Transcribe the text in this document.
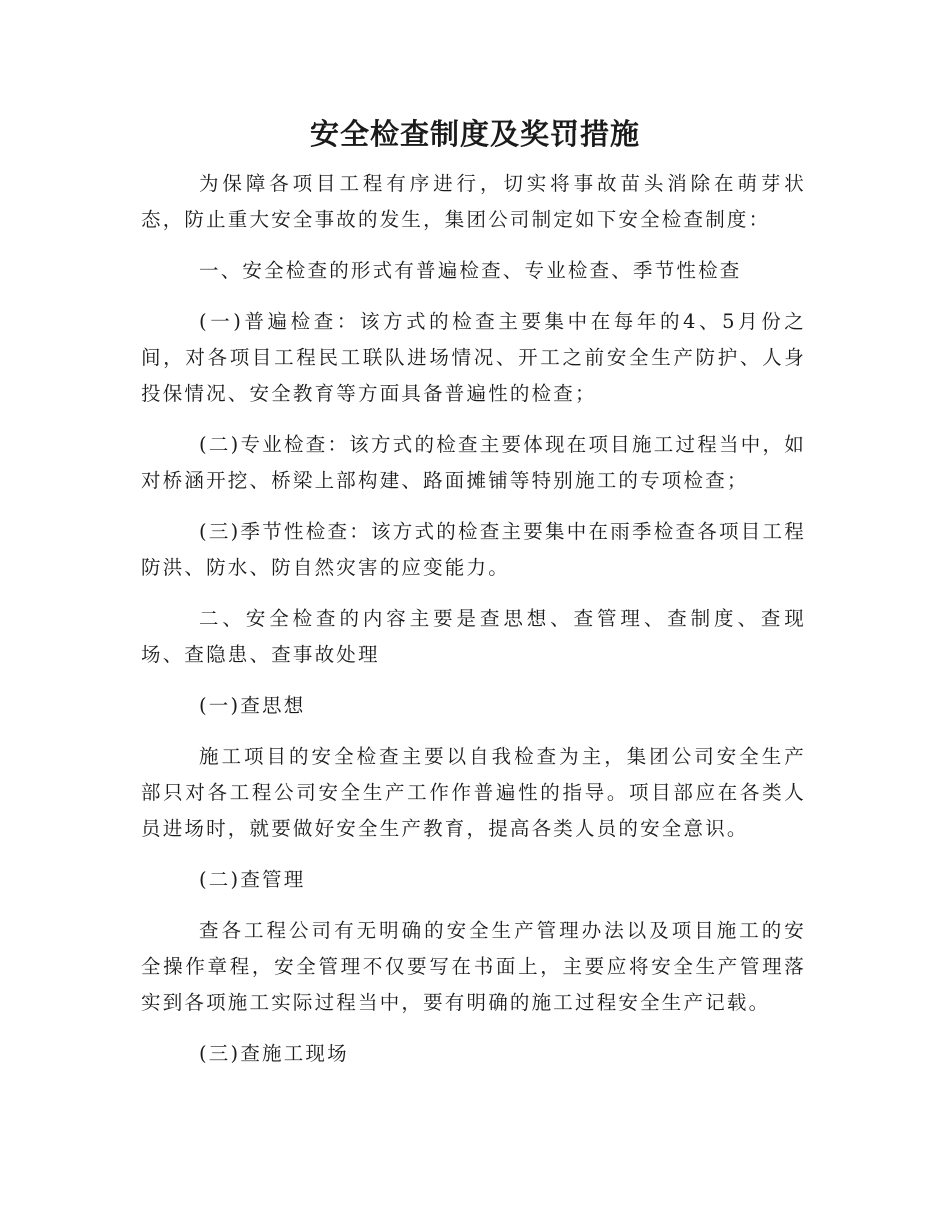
安全检查制度及奖罚措施

为保障各项目工程有序进行，切实将事故苗头消除在萌芽状态，防止重大安全事故的发生，集团公司制定如下安全检查制度：

一、安全检查的形式有普遍检查、专业检查、季节性检查

(一)普遍检查：该方式的检查主要集中在每年的4、5月份之间，对各项目工程民工联队进场情况、开工之前安全生产防护、人身投保情况、安全教育等方面具备普遍性的检查；

(二)专业检查：该方式的检查主要体现在项目施工过程当中，如对桥涵开挖、桥梁上部构建、路面摊铺等特别施工的专项检查；

(三)季节性检查：该方式的检查主要集中在雨季检查各项目工程防洪、防水、防自然灾害的应变能力。

二、安全检查的内容主要是查思想、查管理、查制度、查现场、查隐患、查事故处理

(一)查思想

施工项目的安全检查主要以自我检查为主，集团公司安全生产部只对各工程公司安全生产工作作普遍性的指导。项目部应在各类人员进场时，就要做好安全生产教育，提高各类人员的安全意识。

(二)查管理

查各工程公司有无明确的安全生产管理办法以及项目施工的安全操作章程，安全管理不仅要写在书面上，主要应将安全生产管理落实到各项施工实际过程当中，要有明确的施工过程安全生产记载。

(三)查施工现场
